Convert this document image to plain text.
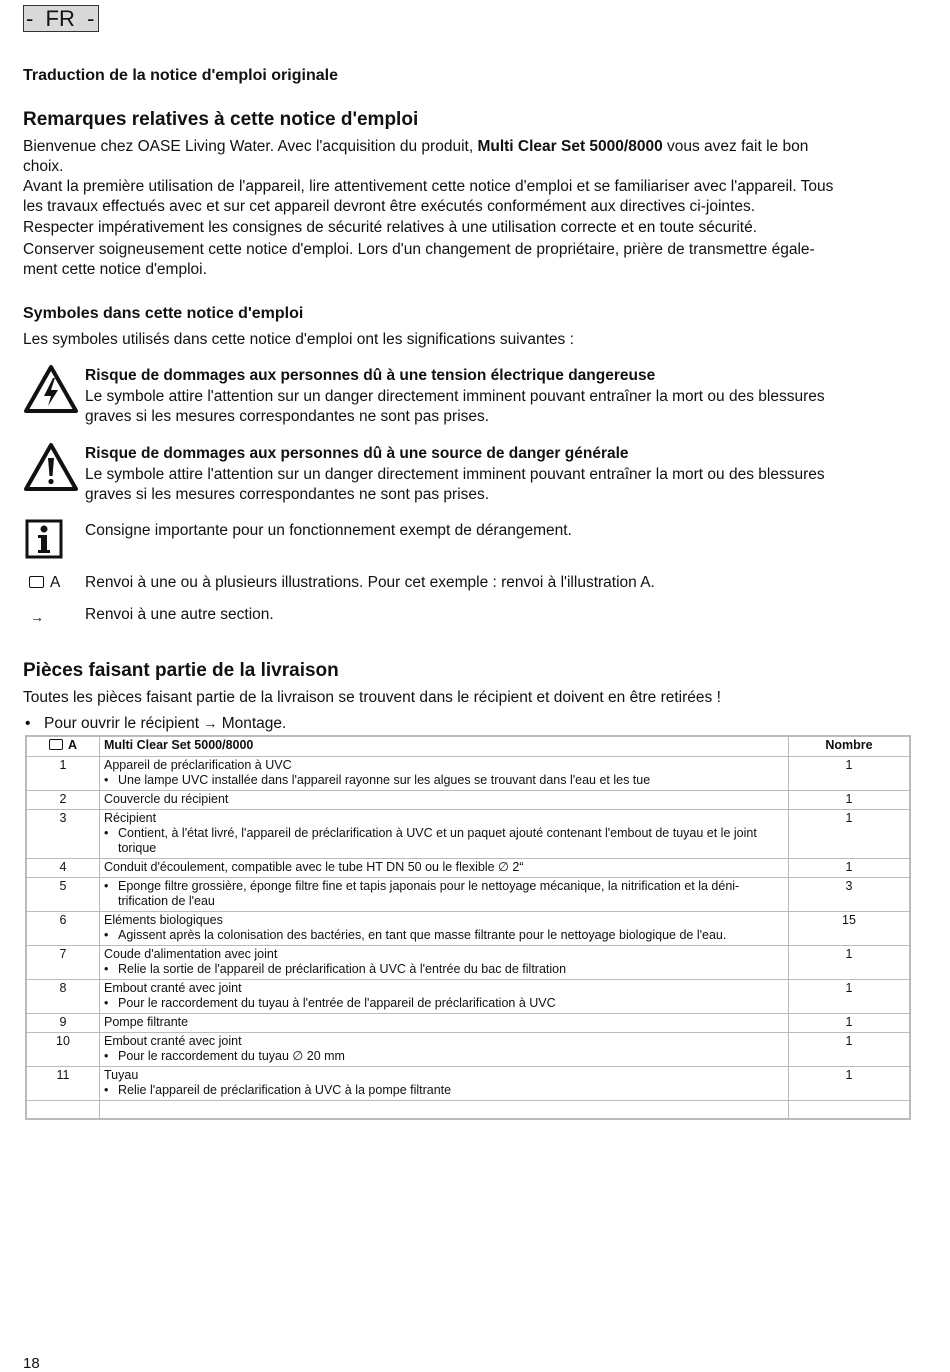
-  FR  -
Traduction de la notice d'emploi originale
Remarques relatives à cette notice d'emploi
Bienvenue chez OASE Living Water. Avec l'acquisition du produit, Multi Clear Set 5000/8000 vous avez fait le bon
choix.
Avant la première utilisation de l'appareil, lire attentivement cette notice d'emploi et se familiariser avec l'appareil. Tous
les travaux effectués avec et sur cet appareil devront être exécutés conformément aux directives ci-jointes.
Respecter impérativement les consignes de sécurité relatives à une utilisation correcte et en toute sécurité.
Conserver soigneusement cette notice d'emploi. Lors d'un changement de propriétaire, prière de transmettre égale-
ment cette notice d'emploi.
Symboles dans cette notice d'emploi
Les symboles utilisés dans cette notice d'emploi ont les significations suivantes :
Risque de dommages aux personnes dû à une tension électrique dangereuse
Le symbole attire l'attention sur un danger directement imminent pouvant entraîner la mort ou des blessures
graves si les mesures correspondantes ne sont pas prises.
Risque de dommages aux personnes dû à une source de danger générale
Le symbole attire l'attention sur un danger directement imminent pouvant entraîner la mort ou des blessures
graves si les mesures correspondantes ne sont pas prises.
Consigne importante pour un fonctionnement exempt de dérangement.
A Renvoi à une ou à plusieurs illustrations. Pour cet exemple : renvoi à l'illustration A.
→	Renvoi à une autre section.
Pièces faisant partie de la livraison
Toutes les pièces faisant partie de la livraison se trouvent dans le récipient et doivent en être retirées !
• Pour ouvrir le récipient → Montage.
A	Multi Clear Set 5000/8000	Nombre
1	Appareil de préclarification à UVC
• Une lampe UVC installée dans l'appareil rayonne sur les algues se trouvant dans l'eau et les tue	1
2	Couvercle du récipient	1
3	Récipient
• Contient, à l'état livré, l'appareil de préclarification à UVC et un paquet ajouté contenant l'embout de tuyau et le joint torique	1
4	Conduit d'écoulement, compatible avec le tube HT DN 50 ou le flexible ∅ 2“	1
5	• Eponge filtre grossière, éponge filtre fine et tapis japonais pour le nettoyage mécanique, la nitrification et la déni-trification de l'eau	3
6	Eléments biologiques
• Agissent après la colonisation des bactéries, en tant que masse filtrante pour le nettoyage biologique de l'eau.	15
7	Coude d'alimentation avec joint
• Relie la sortie de l'appareil de préclarification à UVC à l'entrée du bac de filtration	1
8	Embout cranté avec joint
• Pour le raccordement du tuyau à l'entrée de l'appareil de préclarification à UVC	1
9	Pompe filtrante	1
10	Embout cranté avec joint
• Pour le raccordement du tuyau ∅ 20 mm	1
11	Tuyau
• Relie l'appareil de préclarification à UVC à la pompe filtrante	1

18
